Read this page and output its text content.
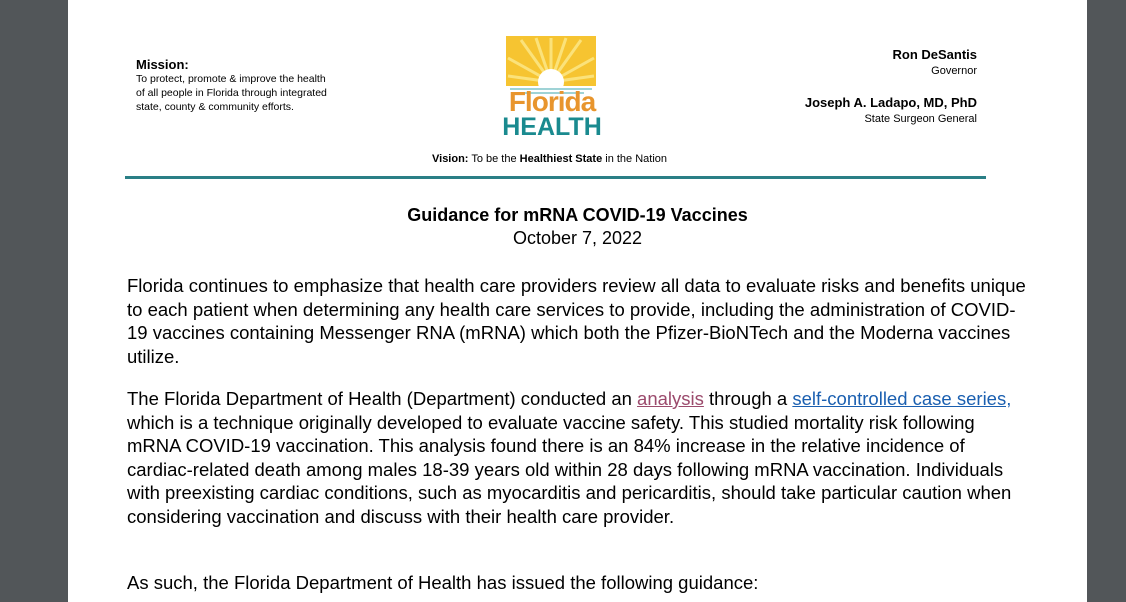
Mission:
To protect, promote & improve the health
of all people in Florida through integrated
state, county & community efforts.	Florida
HEALTH
Vision: To be the Healthiest State in the Nation
Ron DeSantis
Governor
Joseph A. Ladapo, MD, PhD
State Surgeon General
Guidance for mRNA COVID-19 Vaccines
October 7, 2022
Florida continues to emphasize that health care providers review all data to evaluate risks and benefits unique to each patient when determining any health care services to provide, including the administration of COVID-19 vaccines containing Messenger RNA (mRNA) which both the Pfizer-BioNTech and the Moderna vaccines utilize.
The Florida Department of Health (Department) conducted an analysis through a self-controlled case series, which is a technique originally developed to evaluate vaccine safety. This studied mortality risk following mRNA COVID-19 vaccination. This analysis found there is an 84% increase in the relative incidence of cardiac-related death among males 18-39 years old within 28 days following mRNA vaccination. Individuals with preexisting cardiac conditions, such as myocarditis and pericarditis, should take particular caution when considering vaccination and discuss with their health care provider.
As such, the Florida Department of Health has issued the following guidance:
